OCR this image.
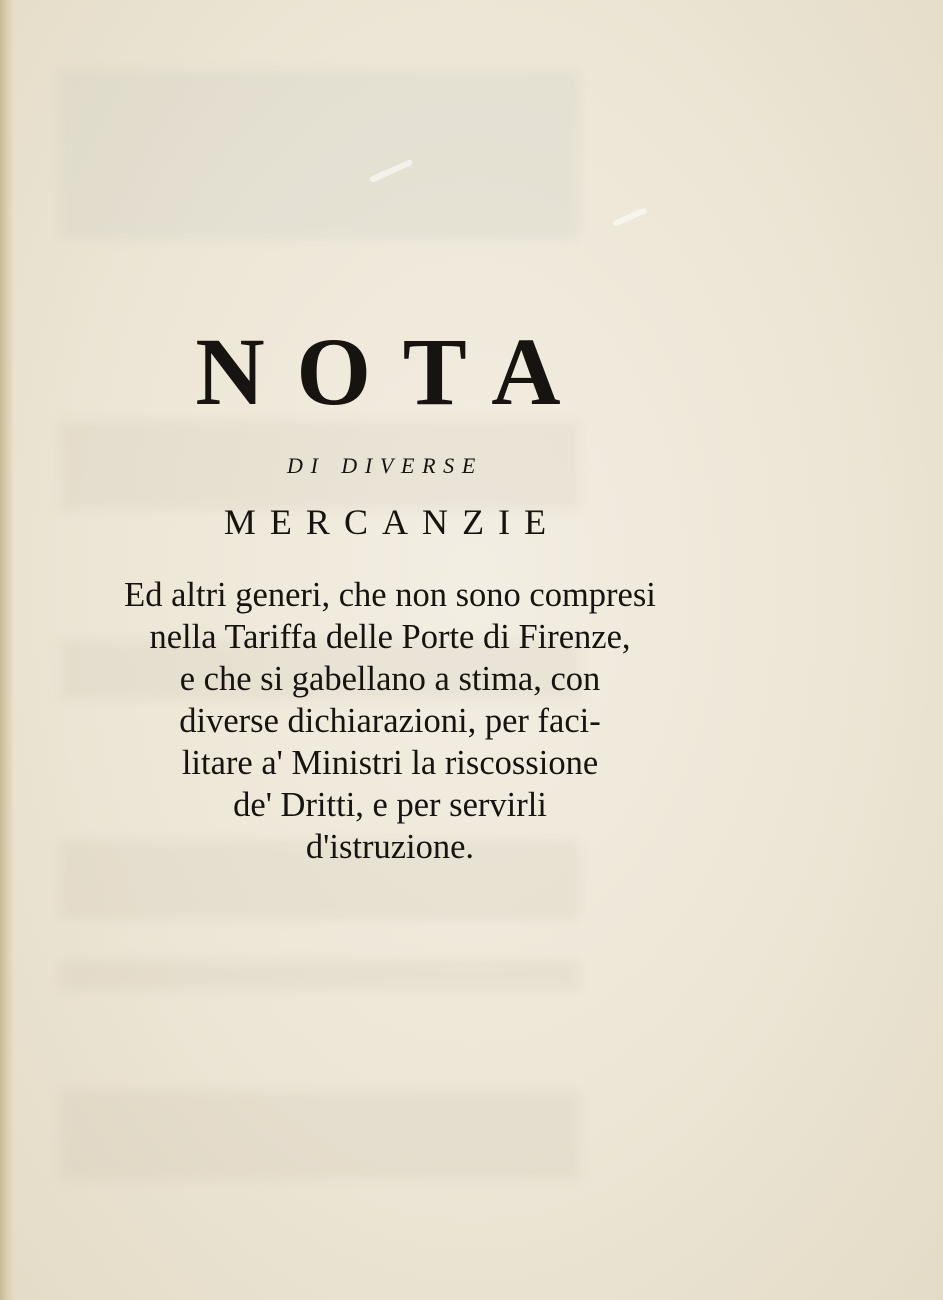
NOTA
di diverse
MERCANZIE
Ed altri generi, che non sono compresi
nella Tariffa delle Porte di Firenze,
e che si gabellano a stima, con
diverse dichiarazioni, per faci-
litare a' Ministri la riscossione
de' Dritti, e per servirli
d'istruzione.
